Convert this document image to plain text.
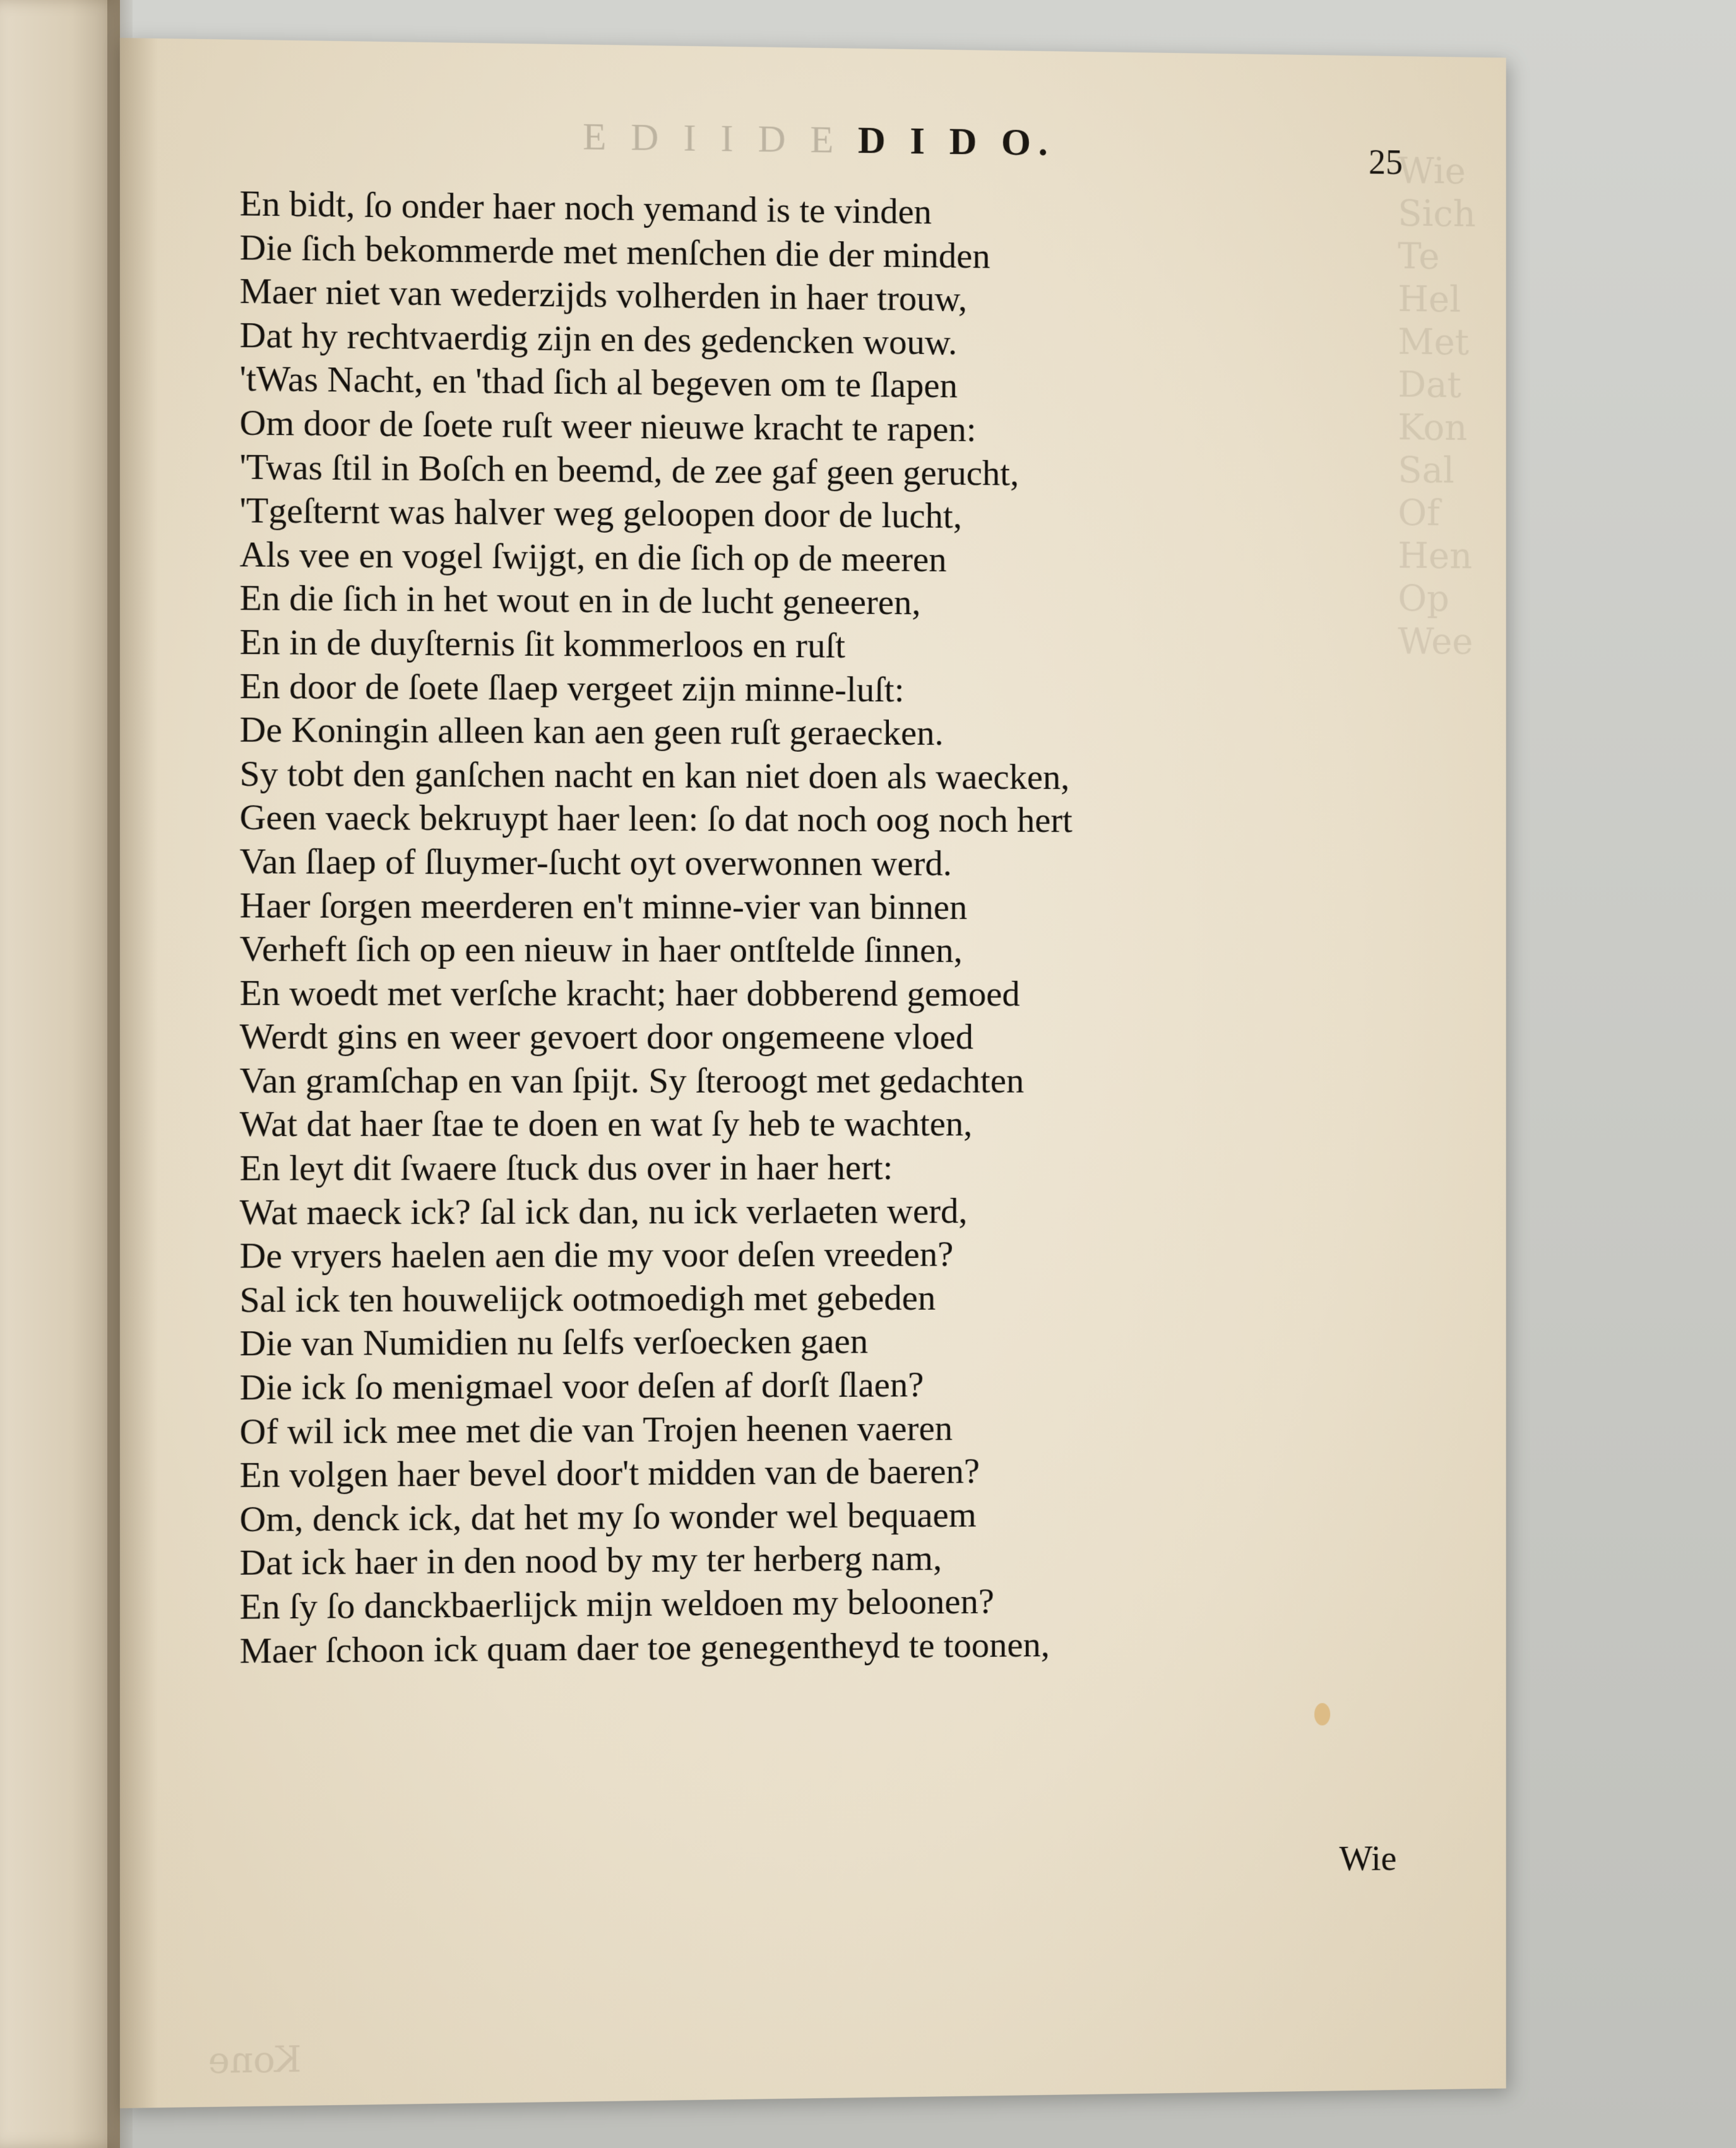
Wie
Sich
Te
Hel
Met
Dat
Kon
Sal
Of
Hen
Op
Wee
E D I I D E D I D O.	25
En bidt, ſo onder haer noch yemand is te vinden
Die ſich bekommerde met menſchen die der minden
Maer niet van wederzijds volherden in haer trouw,
Dat hy rechtvaerdig zijn en des gedencken wouw.
'tWas Nacht, en 'thad ſich al begeven om te ſlapen
Om door de ſoete ruſt weer nieuwe kracht te rapen:
'Twas ſtil in Boſch en beemd, de zee gaf geen gerucht,
'Tgeſternt was halver weg geloopen door de lucht,
Als vee en vogel ſwijgt, en die ſich op de meeren
En die ſich in het wout en in de lucht geneeren,
En in de duyſternis ſit kommerloos en ruſt
En door de ſoete ſlaep vergeet zijn minne-luſt:
De Koningin alleen kan aen geen ruſt geraecken.
Sy tobt den ganſchen nacht en kan niet doen als waecken,
Geen vaeck bekruypt haer leen: ſo dat noch oog noch hert
Van ſlaep of ſluymer-ſucht oyt overwonnen werd.
Haer ſorgen meerderen en't minne-vier van binnen
Verheft ſich op een nieuw in haer ontſtelde ſinnen,
En woedt met verſche kracht; haer dobberend gemoed
Werdt gins en weer gevoert door ongemeene vloed
Van gramſchap en van ſpijt. Sy ſteroogt met gedachten
Wat dat haer ſtae te doen en wat ſy heb te wachten,
En leyt dit ſwaere ſtuck dus over in haer hert:
Wat maeck ick? ſal ick dan, nu ick verlaeten werd,
De vryers haelen aen die my voor deſen vreeden?
Sal ick ten houwelijck ootmoedigh met gebeden
Die van Numidien nu ſelfs verſoecken gaen
Die ick ſo menigmael voor deſen af dorſt ſlaen?
Of wil ick mee met die van Trojen heenen vaeren
En volgen haer bevel door't midden van de baeren?
Om, denck ick, dat het my ſo wonder wel bequaem
Dat ick haer in den nood by my ter herberg nam,
En ſy ſo danckbaerlijck mijn weldoen my beloonen?
Maer ſchoon ick quam daer toe genegentheyd te toonen,
Wie
Kone
